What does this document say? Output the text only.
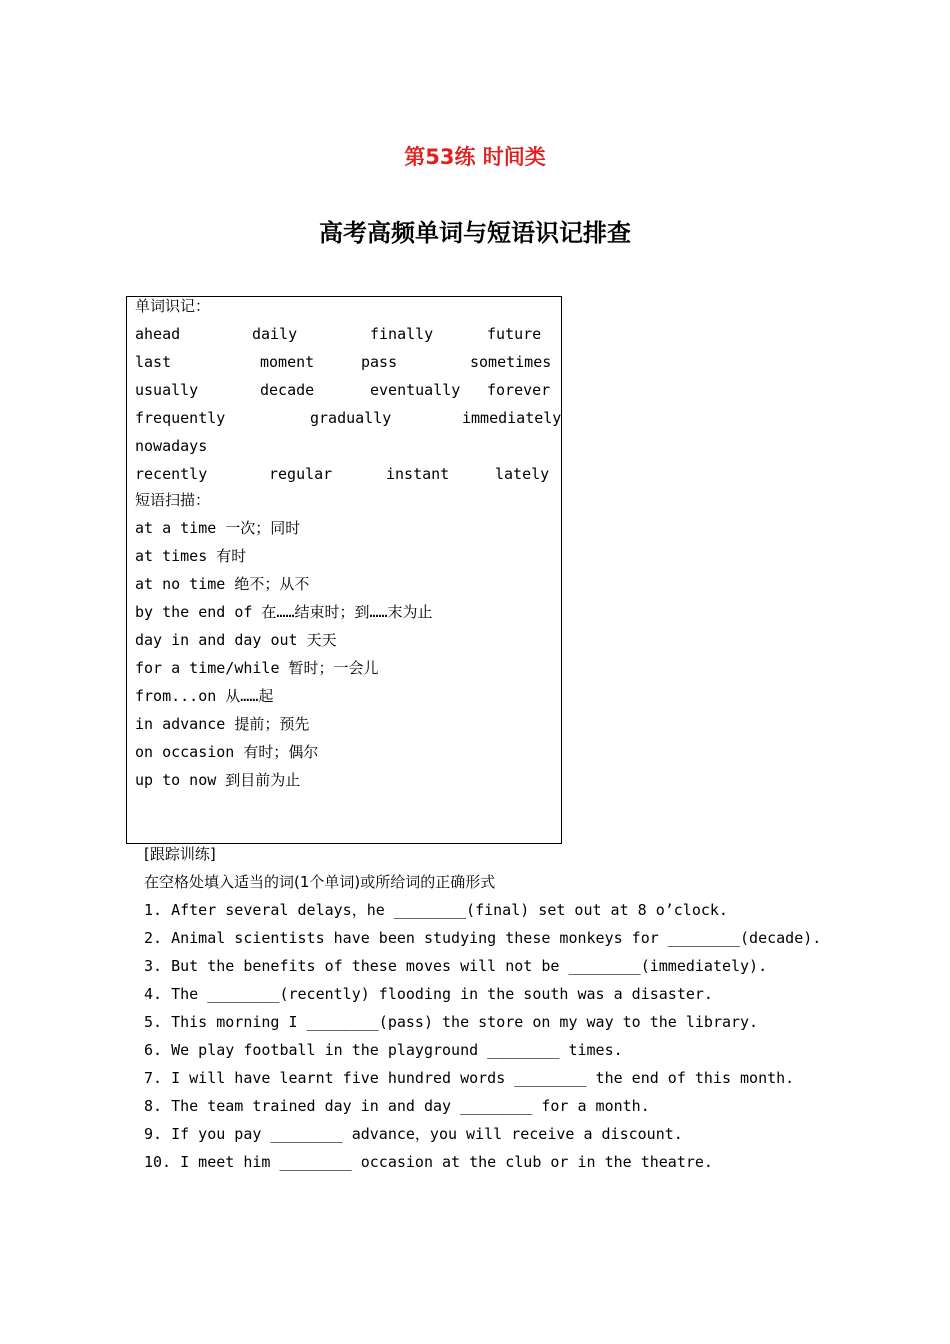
第53练 时间类
高考高频单词与短语识记排查
单词识记：
ahead	daily	finally	future
last	moment	pass	sometimes
usually	decade	eventually forever
frequently	gradually	immediately
nowadays
recently	regular	instant	lately
短语扫描：
at a time 一次；同时
at times 有时
at no time 绝不；从不
by the end of 在……结束时；到……末为止
day in and day out 天天
for a time/while 暂时；一会儿
from...on 从……起
in advance 提前；预先
on occasion 有时；偶尔
up to now 到目前为止
[跟踪训练]
在空格处填入适当的词(1个单词)或所给词的正确形式
1. After several delays，he ________(final) set out at 8 o’clock.
2. Animal scientists have been studying these monkeys for ________(decade).
3. But the benefits of these moves will not be ________(immediately).
4. The ________(recently) flooding in the south was a disaster.
5. This morning I ________(pass) the store on my way to the library.
6. We play football in the playground ________ times.
7. I will have learnt five hundred words ________ the end of this month.
8. The team trained day in and day ________ for a month.
9. If you pay ________ advance，you will receive a discount.
10. I meet him ________ occasion at the club or in the theatre.
